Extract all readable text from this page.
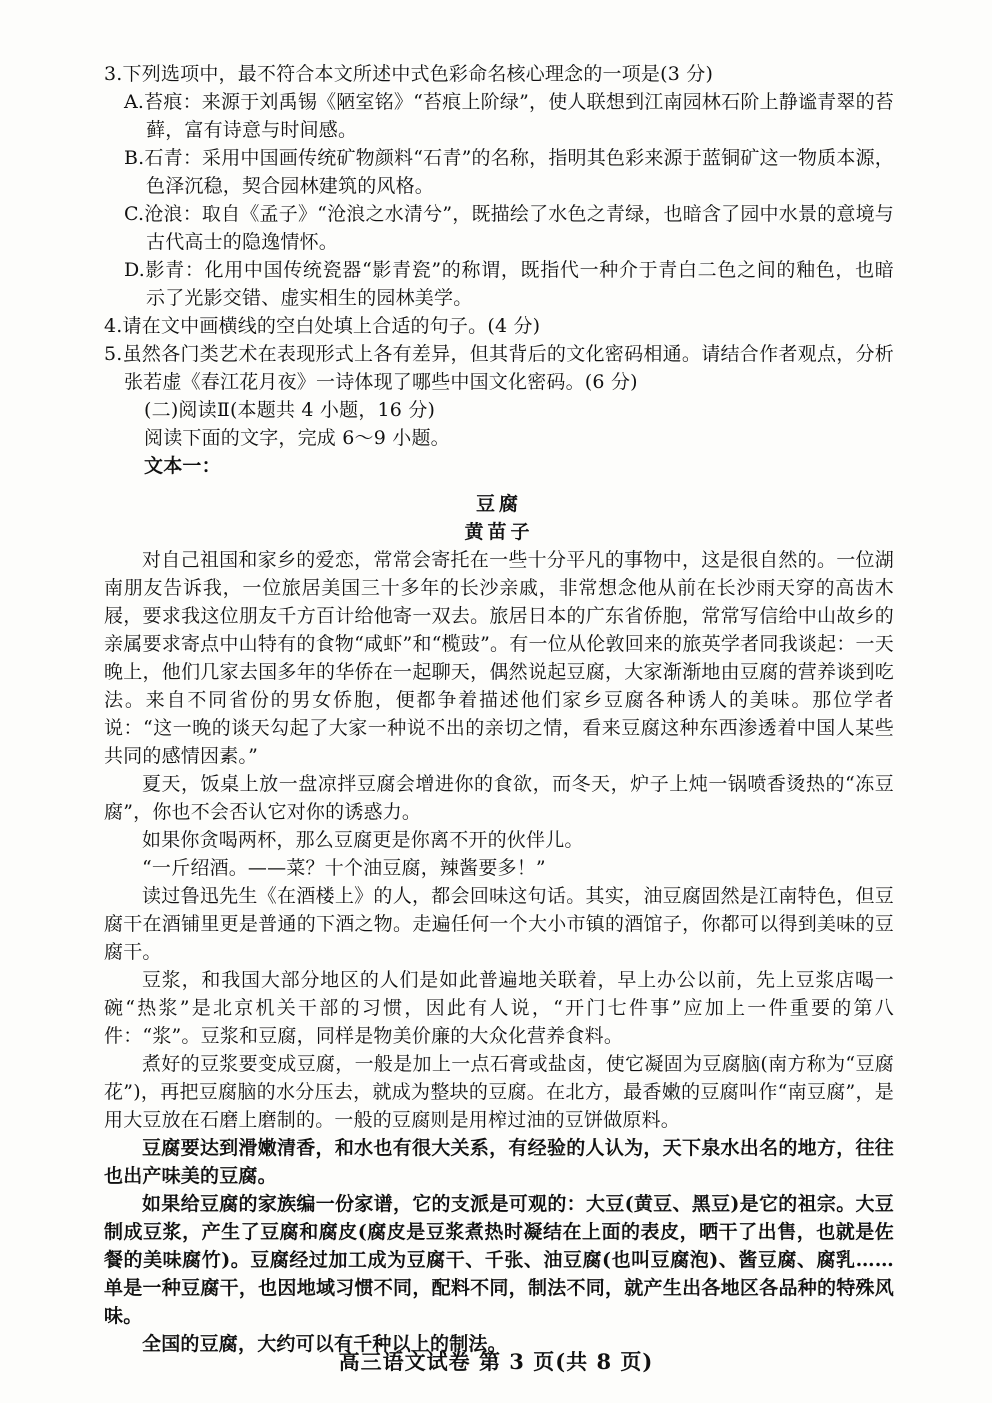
3.下列选项中，最不符合本文所述中式色彩命名核心理念的一项是(3 分)

A.苔痕：来源于刘禹锡《陋室铭》“苔痕上阶绿”，使人联想到江南园林石阶上静谧青翠的苔藓，富有诗意与时间感。

B.石青：采用中国画传统矿物颜料“石青”的名称，指明其色彩来源于蓝铜矿这一物质本源，色泽沉稳，契合园林建筑的风格。

C.沧浪：取自《孟子》“沧浪之水清兮”，既描绘了水色之青绿，也暗含了园中水景的意境与古代高士的隐逸情怀。

D.影青：化用中国传统瓷器“影青瓷”的称谓，既指代一种介于青白二色之间的釉色，也暗示了光影交错、虚实相生的园林美学。

4.请在文中画横线的空白处填上合适的句子。(4 分)

5.虽然各门类艺术在表现形式上各有差异，但其背后的文化密码相通。请结合作者观点，分析张若虚《春江花月夜》一诗体现了哪些中国文化密码。(6 分)

(二)阅读Ⅱ(本题共 4 小题，16 分)

阅读下面的文字，完成 6～9 小题。

文本一：

豆腐

黄苗子

对自己祖国和家乡的爱恋，常常会寄托在一些十分平凡的事物中，这是很自然的。一位湖南朋友告诉我，一位旅居美国三十多年的长沙亲戚，非常想念他从前在长沙雨天穿的高齿木屐，要求我这位朋友千方百计给他寄一双去。旅居日本的广东省侨胞，常常写信给中山故乡的亲属要求寄点中山特有的食物“咸虾”和“榄豉”。有一位从伦敦回来的旅英学者同我谈起：一天晚上，他们几家去国多年的华侨在一起聊天，偶然说起豆腐，大家渐渐地由豆腐的营养谈到吃法。来自不同省份的男女侨胞，便都争着描述他们家乡豆腐各种诱人的美味。那位学者说：“这一晚的谈天勾起了大家一种说不出的亲切之情，看来豆腐这种东西渗透着中国人某些共同的感情因素。”

夏天，饭桌上放一盘凉拌豆腐会增进你的食欲，而冬天，炉子上炖一锅喷香烫热的“冻豆腐”，你也不会否认它对你的诱惑力。

如果你贪喝两杯，那么豆腐更是你离不开的伙伴儿。

“一斤绍酒。——菜？十个油豆腐，辣酱要多！”

读过鲁迅先生《在酒楼上》的人，都会回味这句话。其实，油豆腐固然是江南特色，但豆腐干在酒铺里更是普通的下酒之物。走遍任何一个大小市镇的酒馆子，你都可以得到美味的豆腐干。

豆浆，和我国大部分地区的人们是如此普遍地关联着，早上办公以前，先上豆浆店喝一碗“热浆”是北京机关干部的习惯，因此有人说，“开门七件事”应加上一件重要的第八件：“浆”。豆浆和豆腐，同样是物美价廉的大众化营养食料。

煮好的豆浆要变成豆腐，一般是加上一点石膏或盐卤，使它凝固为豆腐脑(南方称为“豆腐花”)，再把豆腐脑的水分压去，就成为整块的豆腐。在北方，最香嫩的豆腐叫作“南豆腐”，是用大豆放在石磨上磨制的。一般的豆腐则是用榨过油的豆饼做原料。

豆腐要达到滑嫩清香，和水也有很大关系，有经验的人认为，天下泉水出名的地方，往往也出产味美的豆腐。

如果给豆腐的家族编一份家谱，它的支派是可观的：大豆(黄豆、黑豆)是它的祖宗。大豆制成豆浆，产生了豆腐和腐皮(腐皮是豆浆煮热时凝结在上面的表皮，晒干了出售，也就是佐餐的美味腐竹)。豆腐经过加工成为豆腐干、千张、油豆腐(也叫豆腐泡)、酱豆腐、腐乳……单是一种豆腐干，也因地域习惯不同，配料不同，制法不同，就产生出各地区各品种的特殊风味。

全国的豆腐，大约可以有千种以上的制法。

高三语文试卷 第 3 页(共 8 页)
